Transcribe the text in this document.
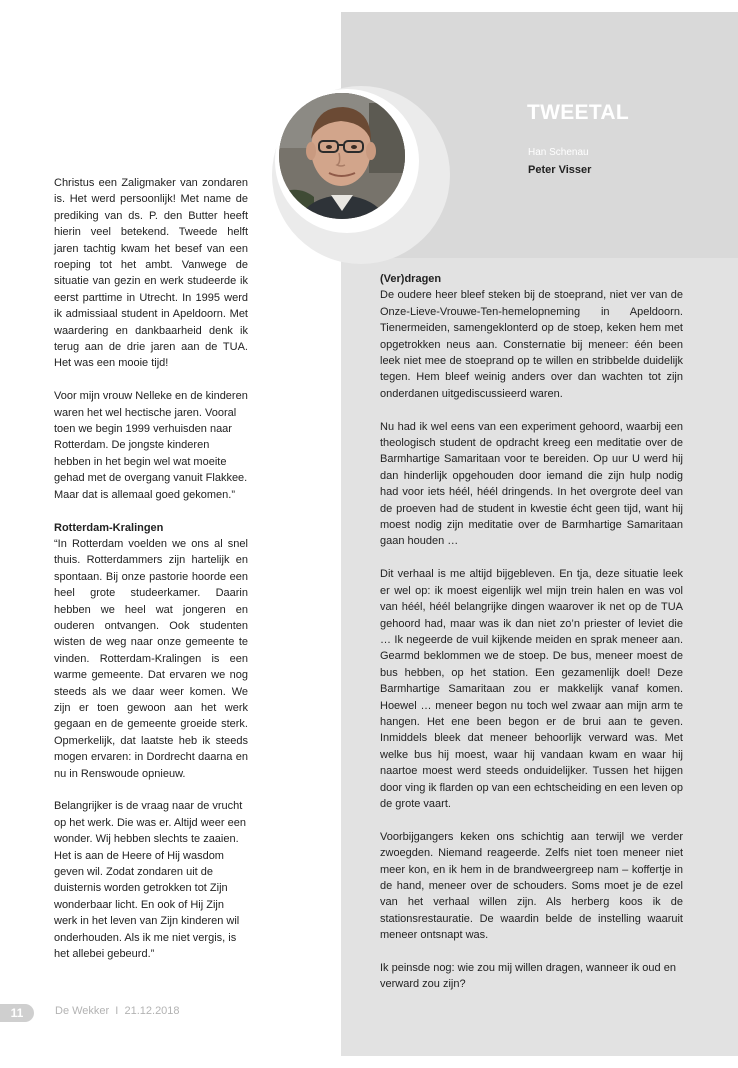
TWEETAL
Han Schenau
Peter Visser

Christus een Zaligmaker van zondaren is. Het werd persoonlijk! Met name de prediking van ds. P. den Butter heeft hierin veel betekend. Tweede helft jaren tachtig kwam het besef van een roeping tot het ambt. Vanwege de situatie van gezin en werk studeerde ik eerst parttime in Utrecht. In 1995 werd ik admissiaal student in Apeldoorn. Met waardering en dankbaarheid denk ik terug aan de drie jaren aan de TUA. Het was een mooie tijd!

Voor mijn vrouw Nelleke en de kinderen waren het wel hectische jaren. Vooral toen we begin 1999 verhuisden naar Rotterdam. De jongste kinderen hebben in het begin wel wat moeite gehad met de overgang vanuit Flakkee. Maar dat is allemaal goed gekomen.”

Rotterdam-Kralingen

“In Rotterdam voelden we ons al snel thuis. Rotterdammers zijn hartelijk en spontaan. Bij onze pastorie hoorde een heel grote studeerkamer. Daarin hebben we heel wat jongeren en ouderen ontvangen. Ook studenten wisten de weg naar onze gemeente te vinden. Rotterdam-Kralingen is een warme gemeente. Dat ervaren we nog steeds als we daar weer komen. We zijn er toen gewoon aan het werk gegaan en de gemeente groeide sterk. Opmerkelijk, dat laatste heb ik steeds mogen ervaren: in Dordrecht daarna en nu in Renswoude opnieuw.

Belangrijker is de vraag naar de vrucht op het werk. Die was er. Altijd weer een wonder. Wij hebben slechts te zaaien. Het is aan de Heere of Hij wasdom geven wil. Zodat zondaren uit de duisternis worden getrokken tot Zijn wonderbaar licht. En ook of Hij Zijn werk in het leven van Zijn kinderen wil onderhouden. Als ik me niet vergis, is het allebei gebeurd.”

(Ver)dragen

De oudere heer bleef steken bij de stoeprand, niet ver van de Onze-Lieve-Vrouwe-Ten-hemelopneming in Apeldoorn. Tienermeiden, samengeklonterd op de stoep, keken hem met opgetrokken neus aan. Consternatie bij meneer: één been leek niet mee de stoeprand op te willen en stribbelde duidelijk tegen. Hem bleef weinig anders over dan wachten tot zijn onderdanen uitgediscussieerd waren.

Nu had ik wel eens van een experiment gehoord, waarbij een theologisch student de opdracht kreeg een meditatie over de Barmhartige Samaritaan voor te bereiden. Op uur U werd hij dan hinderlijk opgehouden door iemand die zijn hulp nodig had voor iets héél, héél dringends. In het overgrote deel van de proeven had de student in kwestie écht geen tijd, want hij moest nodig zijn meditatie over de Barmhartige Samaritaan gaan houden …

Dit verhaal is me altijd bijgebleven. En tja, deze situatie leek er wel op: ik moest eigenlijk wel mijn trein halen en was vol van héél, héél belangrijke dingen waarover ik net op de TUA gehoord had, maar was ik dan niet zo’n priester of leviet die … Ik negeerde de vuil kijkende meiden en sprak meneer aan. Gearmd beklommen we de stoep. De bus, meneer moest de bus hebben, op het station. Een gezamenlijk doel! Deze Barmhartige Samaritaan zou er makkelijk vanaf komen. Hoewel … meneer begon nu toch wel zwaar aan mijn arm te hangen. Het ene been begon er de brui aan te geven. Inmiddels bleek dat meneer behoorlijk verward was. Met welke bus hij moest, waar hij vandaan kwam en waar hij naartoe moest werd steeds onduidelijker. Tussen het hijgen door ving ik flarden op van een echtscheiding en een leven op de grote vaart.

Voorbijgangers keken ons schichtig aan terwijl we verder zwoegden. Niemand reageerde. Zelfs niet toen meneer niet meer kon, en ik hem in de brandweergreep nam – koffertje in de hand, meneer over de schouders. Soms moet je de ezel van het verhaal willen zijn. Als herberg koos ik de stationsrestauratie. De waardin belde de instelling waaruit meneer ontsnapt was.

Ik peinsde nog: wie zou mij willen dragen, wanneer ik oud en verward zou zijn?

11	De Wekker  I  21.12.2018
